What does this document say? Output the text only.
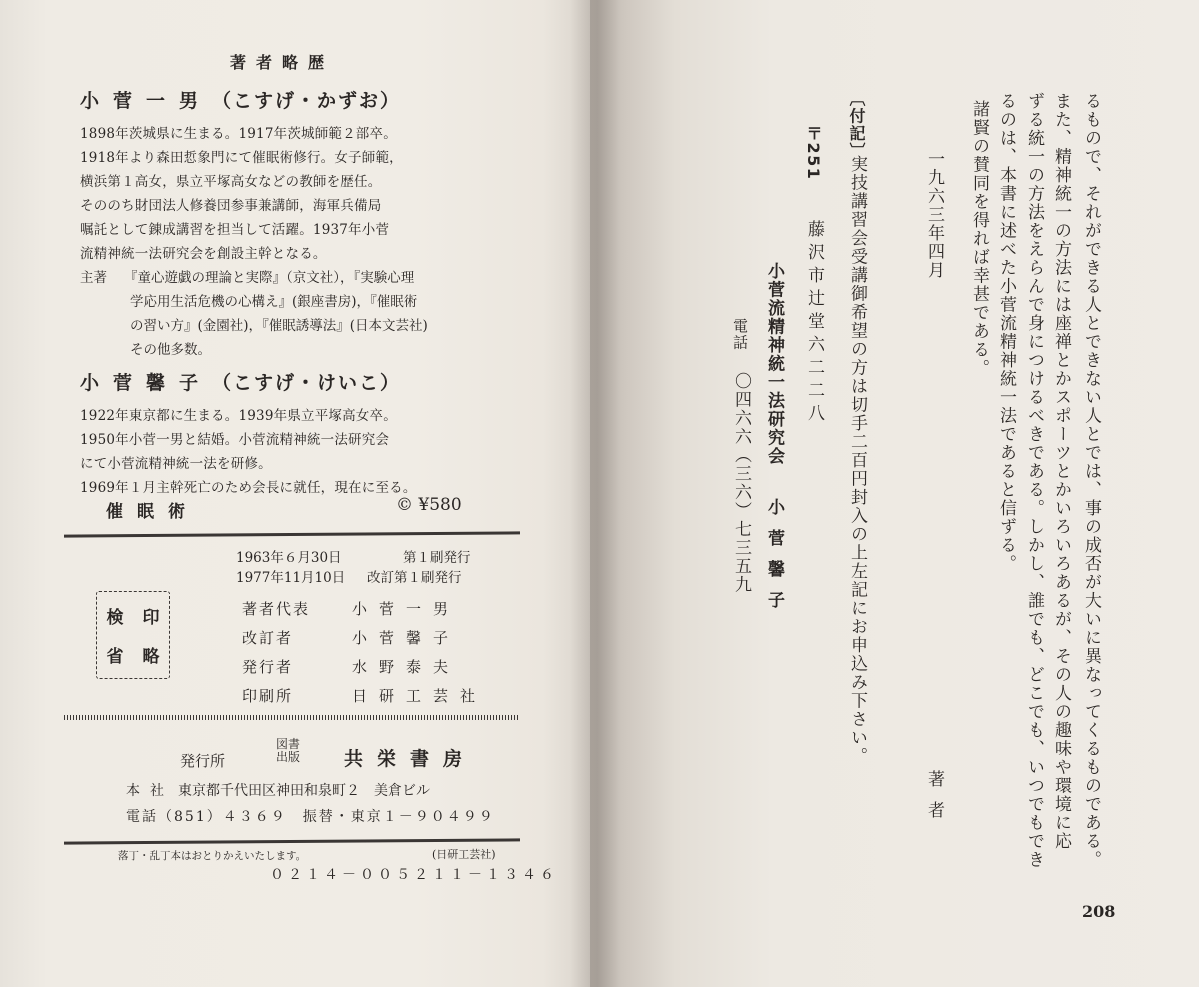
著者略歴
小菅一男（こすげ・かずお）
1898年茨城県に生まる。1917年茨城師範２部卒。
1918年より森田悊象門にて催眠術修行。女子師範，
横浜第１高女，県立平塚高女などの教師を歴任。
そののち財団法人修養団参事兼講師，海軍兵備局
嘱託として錬成講習を担当して活躍。1937年小菅
流精神統一法研究会を創設主幹となる。
主著 『童心遊戯の理論と実際』（京文社），『実験心理
学応用生活危機の心構え』(銀座書房)，『催眠術
の習い方』(金園社)，『催眠誘導法』(日本文芸社)
その他多数。
小菅馨子（こすげ・けいこ）
1922年東京都に生まる。1939年県立平塚高女卒。
1950年小菅一男と結婚。小菅流精神統一法研究会
にて小菅流精神統一法を研修。
1969年１月主幹死亡のため会長に就任，現在に至る。
催眠術	© ¥580
1963年６月30日	第１刷発行
1977年11月10日 改訂第１刷発行
検	印
省	略
著者代表	小菅一男
改訂者	小菅馨子
発行者	水野泰夫
印刷所	日研工芸社
発行所
図書出版	共栄書房
本社 東京都千代田区神田和泉町２　美倉ビル
電話（851）４３６９　振替・東京１－９０４９９
落丁・乱丁本はおとりかえいたします。	(日研工芸社)
０２１４－００５２１１－１３４６
るもので、それができる人とできない人とでは、事の成否が大いに異なってくるものである。
また、精神統一の方法には座禅とかスポーツとかいろいろあるが、その人の趣味や環境に応
ずる統一の方法をえらんで身につけるべきである。しかし、誰でも、どこでも、いつでもでき
るのは、本書に述べた小菅流精神統一法であると信ずる。
諸賢の賛同を得れば幸甚である。
一九六三年四月
著者
〔付記〕
実技講習会受講御希望の方は切手二百円封入の上左記にお申込み下さい。
〒251
藤沢市辻堂六二二八
小菅流精神統一法研究会
小菅馨子
電話
〇四六六（三六）七三五九
208
